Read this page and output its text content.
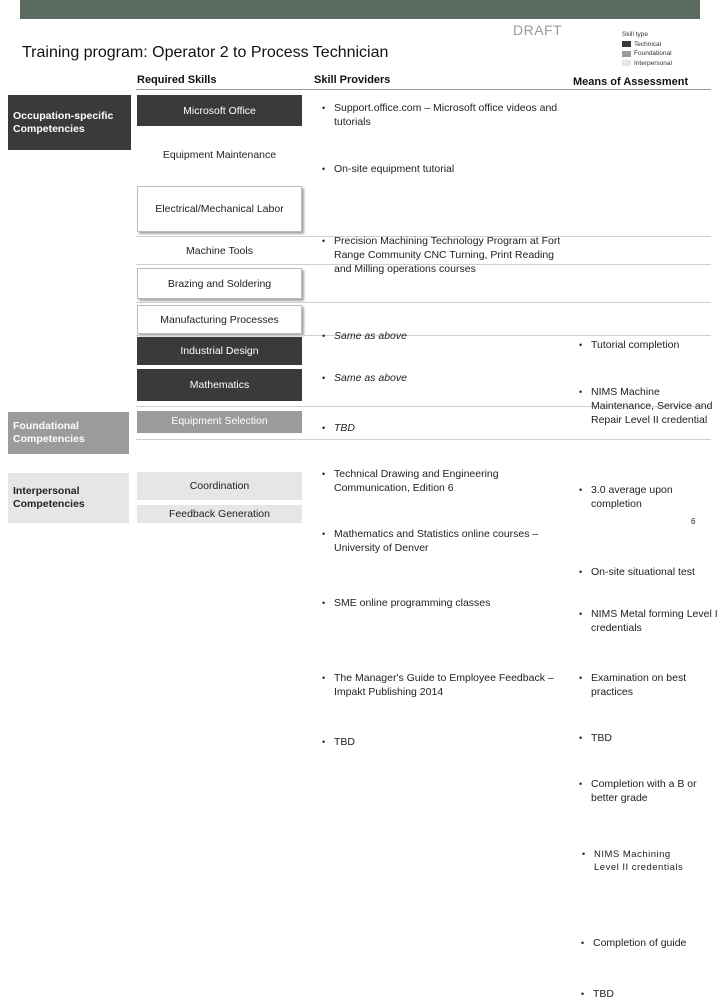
DRAFT
Training program: Operator 2 to Process Technician
Skill type
Technical
Foundational
Interpersonal
Required Skills	Skill Providers	Means of Assessment
Occupation-specific Competencies
Foundational Competencies
Interpersonal Competencies
Microsoft Office
Equipment Maintenance
Electrical/Mechanical Labor
Machine Tools
Brazing and Soldering
Manufacturing Processes
Industrial Design
Mathematics
Equipment Selection
Coordination
Feedback Generation
• Support.office.com – Microsoft office videos and tutorials
• On-site equipment tutorial
• Precision Machining Technology Program at Fort Range Community CNC Turning, Print Reading and Milling operations courses
• Same as above
• Same as above
• TBD
• Technical Drawing and Engineering Communication, Edition 6
• Mathematics and Statistics online courses – University of Denver
• SME online programming classes
• The Manager's Guide to Employee Feedback – Impakt Publishing 2014
• TBD
• Tutorial completion
• NIMS Machine Maintenance, Service and Repair Level II credential
• 3.0 average upon completion
• On-site situational test
• NIMS Metal forming Level I credentials
• Examination on best practices
• TBD
• Completion with a B or better grade
• NIMS Machining Level II credentials
• Completion of guide
• TBD
6
